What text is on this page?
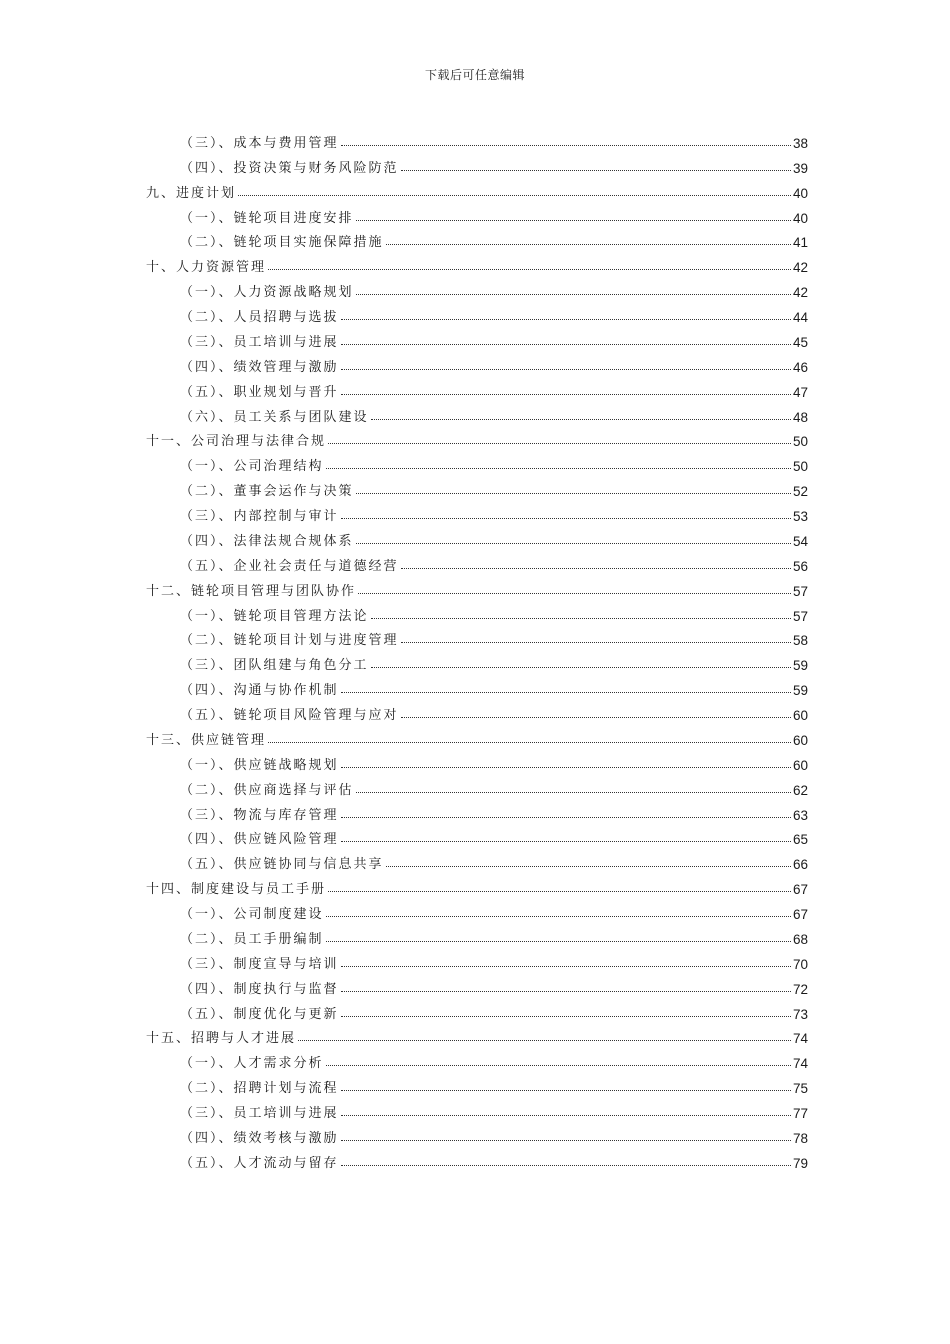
下载后可任意编辑
（三）、成本与费用管理	38
（四）、投资决策与财务风险防范	39
九、进度计划	40
（一）、链轮项目进度安排	40
（二）、链轮项目实施保障措施	41
十、人力资源管理	42
（一）、人力资源战略规划	42
（二）、人员招聘与选拔	44
（三）、员工培训与进展	45
（四）、绩效管理与激励	46
（五）、职业规划与晋升	47
（六）、员工关系与团队建设	48
十一、公司治理与法律合规	50
（一）、公司治理结构	50
（二）、董事会运作与决策	52
（三）、内部控制与审计	53
（四）、法律法规合规体系	54
（五）、企业社会责任与道德经营	56
十二、链轮项目管理与团队协作	57
（一）、链轮项目管理方法论	57
（二）、链轮项目计划与进度管理	58
（三）、团队组建与角色分工	59
（四）、沟通与协作机制	59
（五）、链轮项目风险管理与应对	60
十三、供应链管理	60
（一）、供应链战略规划	60
（二）、供应商选择与评估	62
（三）、物流与库存管理	63
（四）、供应链风险管理	65
（五）、供应链协同与信息共享	66
十四、制度建设与员工手册	67
（一）、公司制度建设	67
（二）、员工手册编制	68
（三）、制度宣导与培训	70
（四）、制度执行与监督	72
（五）、制度优化与更新	73
十五、招聘与人才进展	74
（一）、人才需求分析	74
（二）、招聘计划与流程	75
（三）、员工培训与进展	77
（四）、绩效考核与激励	78
（五）、人才流动与留存	79
